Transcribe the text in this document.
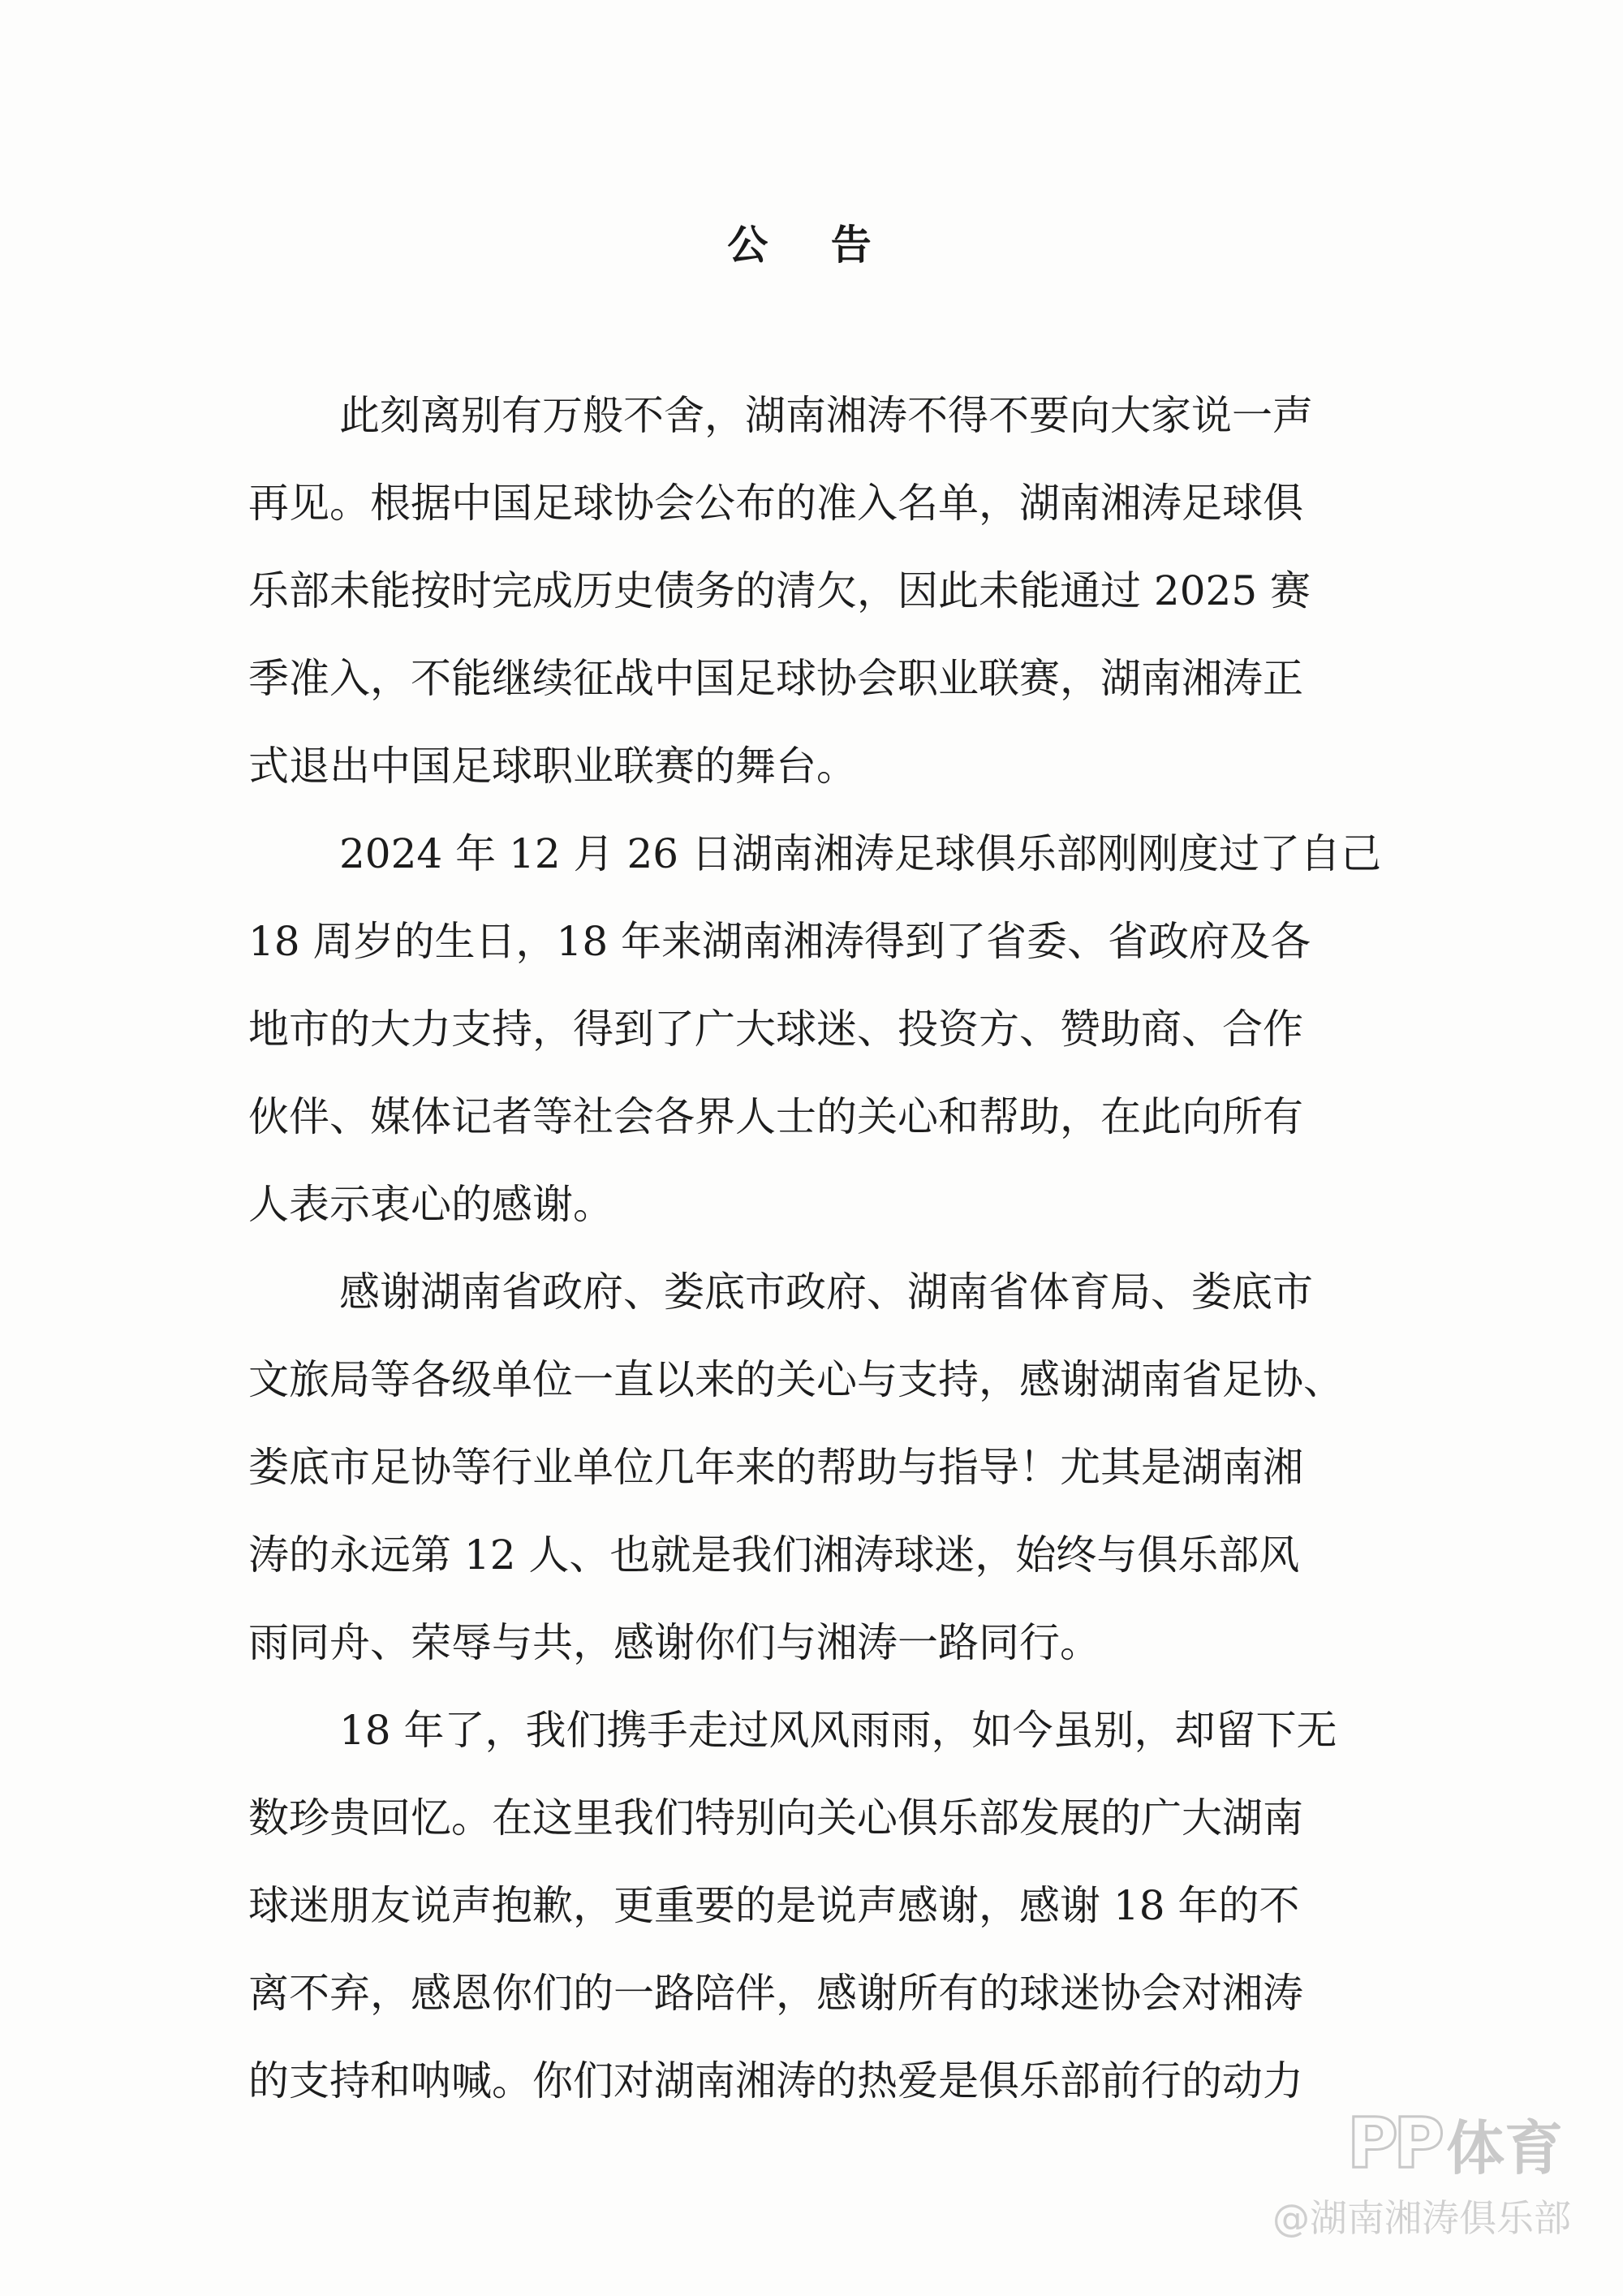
公 告
此刻离别有万般不舍，湖南湘涛不得不要向大家说一声
再见。根据中国足球协会公布的准入名单，湖南湘涛足球俱
乐部未能按时完成历史债务的清欠，因此未能通过 2025 赛
季准入，不能继续征战中国足球协会职业联赛，湖南湘涛正
式退出中国足球职业联赛的舞台。
2024 年 12 月 26 日湖南湘涛足球俱乐部刚刚度过了自己
18 周岁的生日，18 年来湖南湘涛得到了省委、省政府及各
地市的大力支持，得到了广大球迷、投资方、赞助商、合作
伙伴、媒体记者等社会各界人士的关心和帮助，在此向所有
人表示衷心的感谢。
感谢湖南省政府、娄底市政府、湖南省体育局、娄底市
文旅局等各级单位一直以来的关心与支持，感谢湖南省足协、
娄底市足协等行业单位几年来的帮助与指导！尤其是湖南湘
涛的永远第 12 人、也就是我们湘涛球迷，始终与俱乐部风
雨同舟、荣辱与共，感谢你们与湘涛一路同行。
18 年了，我们携手走过风风雨雨，如今虽别，却留下无
数珍贵回忆。在这里我们特别向关心俱乐部发展的广大湖南
球迷朋友说声抱歉，更重要的是说声感谢，感谢 18 年的不
离不弃，感恩你们的一路陪伴，感谢所有的球迷协会对湘涛
的支持和呐喊。你们对湖南湘涛的热爱是俱乐部前行的动力
PP 体育
@湖南湘涛俱乐部
